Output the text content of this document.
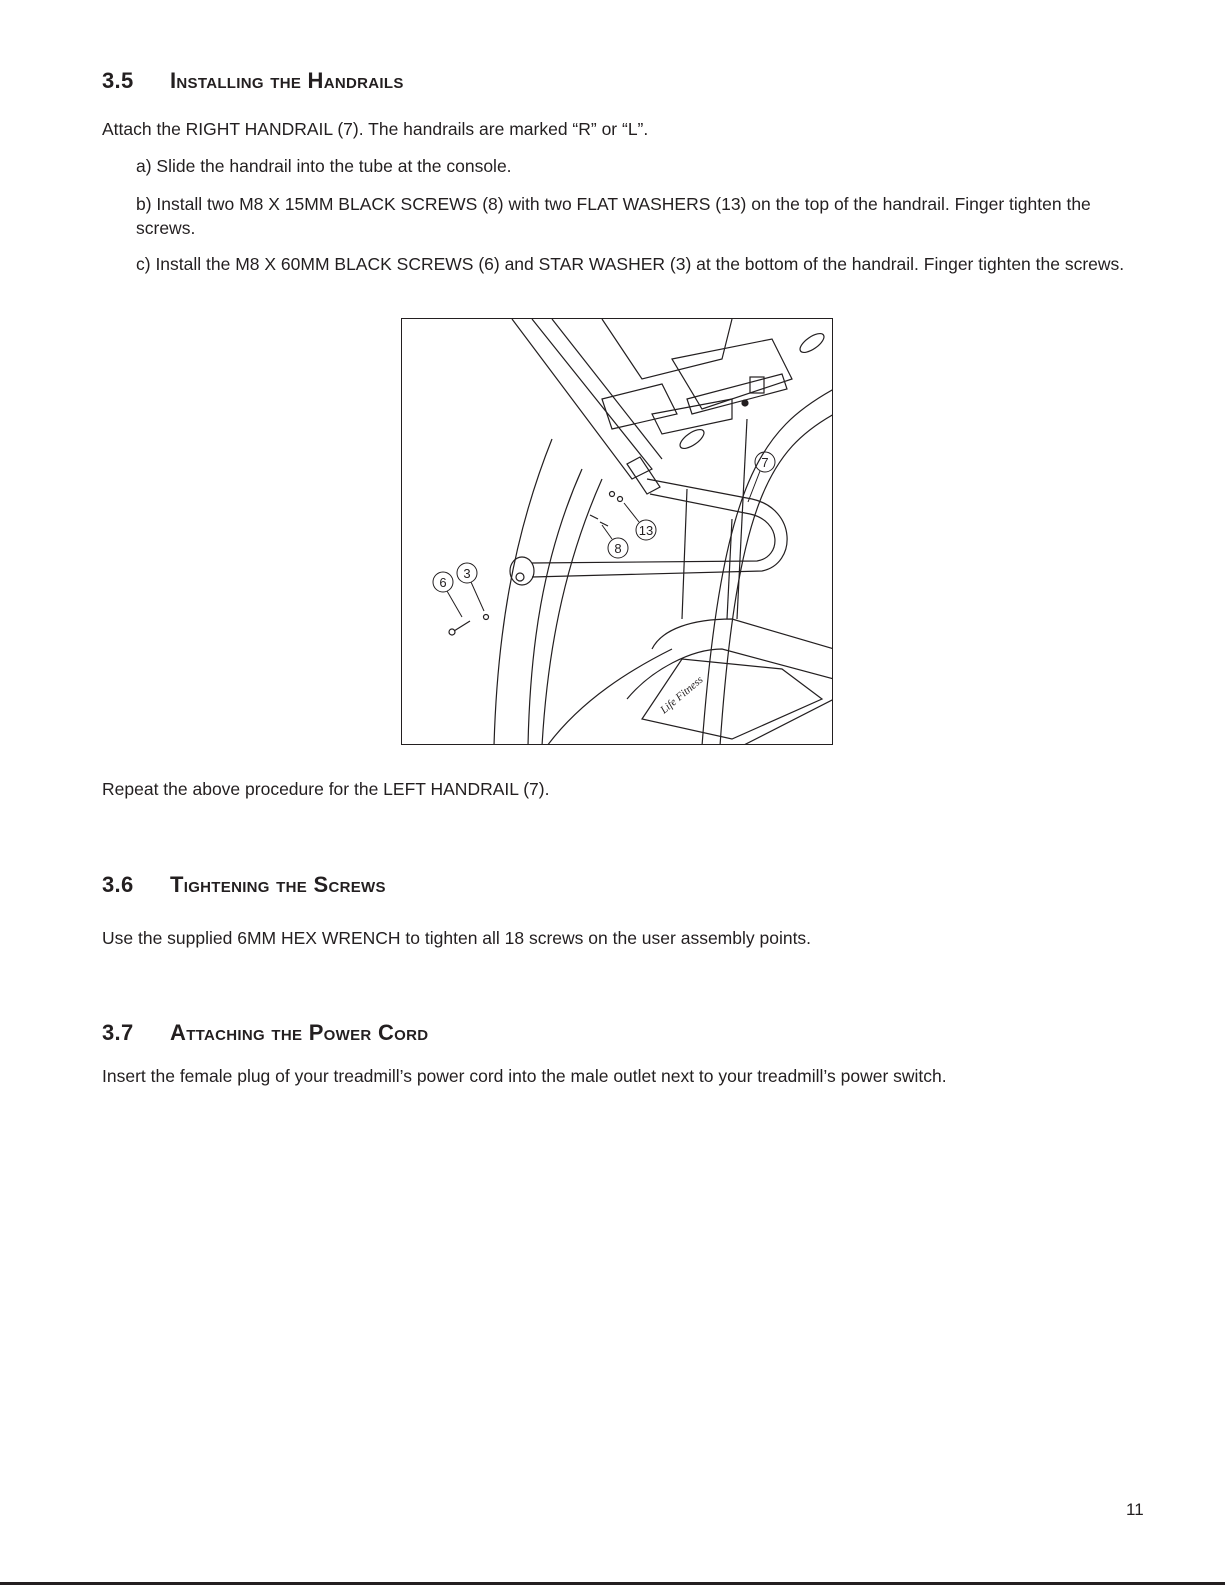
3.5 Installing the Handrails

Attach the RIGHT HANDRAIL (7). The handrails are marked “R” or “L”.

a) Slide the handrail into the tube at the console.

b) Install two M8 X 15MM BLACK SCREWS (8) with two FLAT WASHERS (13) on the top of the handrail. Finger tighten the screws.

c) Install the M8 X 60MM BLACK SCREWS (6) and STAR WASHER (3) at the bottom of the handrail. Finger tighten the screws.

Life Fitness
7
13
8
6
3

Repeat the above procedure for the LEFT HANDRAIL (7).

3.6 Tightening the Screws

Use the supplied 6MM HEX WRENCH to tighten all 18 screws on the user assembly points.

3.7 Attaching the Power Cord

Insert the female plug of your treadmill’s power cord into the male outlet next to your treadmill’s power switch.

11
